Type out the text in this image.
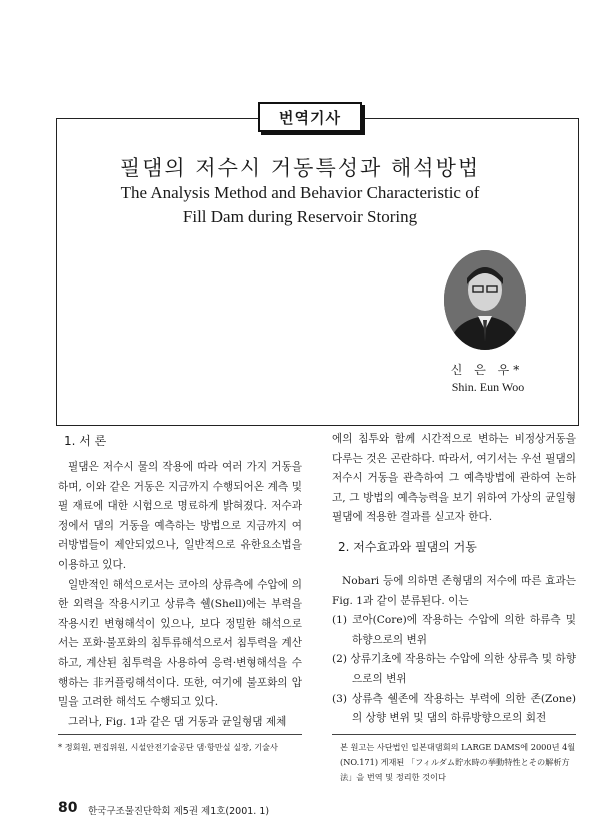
번역기사
필댐의 저수시 거동특성과 해석방법
The Analysis Method and Behavior Characteristic of
Fill Dam during Reservoir Storing
신 은 우*
Shin. Eun Woo
1. 서 론

필댐은 저수시 물의 작용에 따라 여러 가지 거동을 하며, 이와 같은 거동은 지금까지 수행되어온 계측 및 필 재료에 대한 시험으로 명료하게 밝혀졌다. 저수과정에서 댐의 거동을 예측하는 방법으로 지금까지 여러방법들이 제안되었으나, 일반적으로 유한요소법을 이용하고 있다.

일반적인 해석으로서는 코아의 상류측에 수압에 의한 외력을 작용시키고 상류측 쉘(Shell)에는 부력을 작용시킨 변형해석이 있으나, 보다 정밀한 해석으로서는 포화·불포화의 침투류해석으로서 침투력을 계산하고, 계산된 침투력을 사용하여 응력·변형해석을 수행하는 非커플링해석이다. 또한, 여기에 불포화의 압밀을 고려한 해석도 수행되고 있다.

그러나, Fig. 1과 같은 댐 거동과 균일형댐 제체

에의 침투와 함께 시간적으로 변하는 비정상거동을 다루는 것은 곤란하다. 따라서, 여기서는 우선 필댐의 저수시 거동을 관측하여 그 예측방법에 관하여 논하고, 그 방법의 예측능력을 보기 위하여 가상의 균일형 필댐에 적용한 결과를 싣고자 한다.

2. 저수효과와 필댐의 거동

Nobari 등에 의하면 존형댐의 저수에 따른 효과는 Fig. 1과 같이 분류된다. 이는

(1) 코아(Core)에 작용하는 수압에 의한 하류측 및 하향으로의 변위

(2) 상류기초에 작용하는 수압에 의한 상류측 및 하향으로의 변위

(3) 상류측 쉘존에 작용하는 부력에 의한 존(Zone)의 상향 변위 및 댐의 하류방향으로의 회전

* 정회원, 편집위원, 시설안전기술공단 댐·항만실 실장, 기술사	본 원고는 사단법인 일본대댐회의 LARGE DAMS에 2000년 4월(NO.171) 게재된 「フィルダム貯水時の挙動特性とその解析方法」을 번역 및 정리한 것이다
80 한국구조물진단학회 제5권 제1호(2001. 1)
